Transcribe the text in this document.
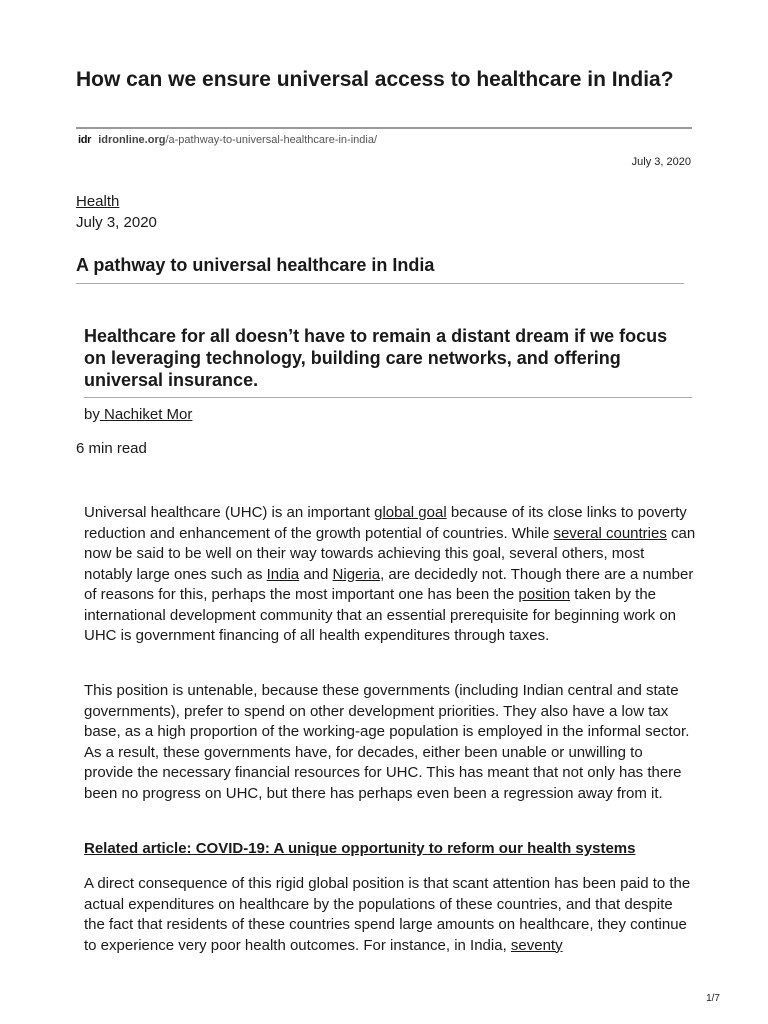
How can we ensure universal access to healthcare in India?
idr idronline.org/a-pathway-to-universal-healthcare-in-india/
July 3, 2020
Health
July 3, 2020
A pathway to universal healthcare in India
Healthcare for all doesn’t have to remain a distant dream if we focus on leveraging technology, building care networks, and offering universal insurance.
by Nachiket Mor
6 min read

Universal healthcare (UHC) is an important global goal because of its close links to poverty reduction and enhancement of the growth potential of countries. While several countries can now be said to be well on their way towards achieving this goal, several others, most notably large ones such as India and Nigeria, are decidedly not. Though there are a number of reasons for this, perhaps the most important one has been the position taken by the international development community that an essential prerequisite for beginning work on UHC is government financing of all health expenditures through taxes.

This position is untenable, because these governments (including Indian central and state governments), prefer to spend on other development priorities. They also have a low tax base, as a high proportion of the working-age population is employed in the informal sector. As a result, these governments have, for decades, either been unable or unwilling to provide the necessary financial resources for UHC. This has meant that not only has there been no progress on UHC, but there has perhaps even been a regression away from it.

Related article: COVID-19: A unique opportunity to reform our health systems

A direct consequence of this rigid global position is that scant attention has been paid to the actual expenditures on healthcare by the populations of these countries, and that despite the fact that residents of these countries spend large amounts on healthcare, they continue to experience very poor health outcomes. For instance, in India, seventy

1/7
